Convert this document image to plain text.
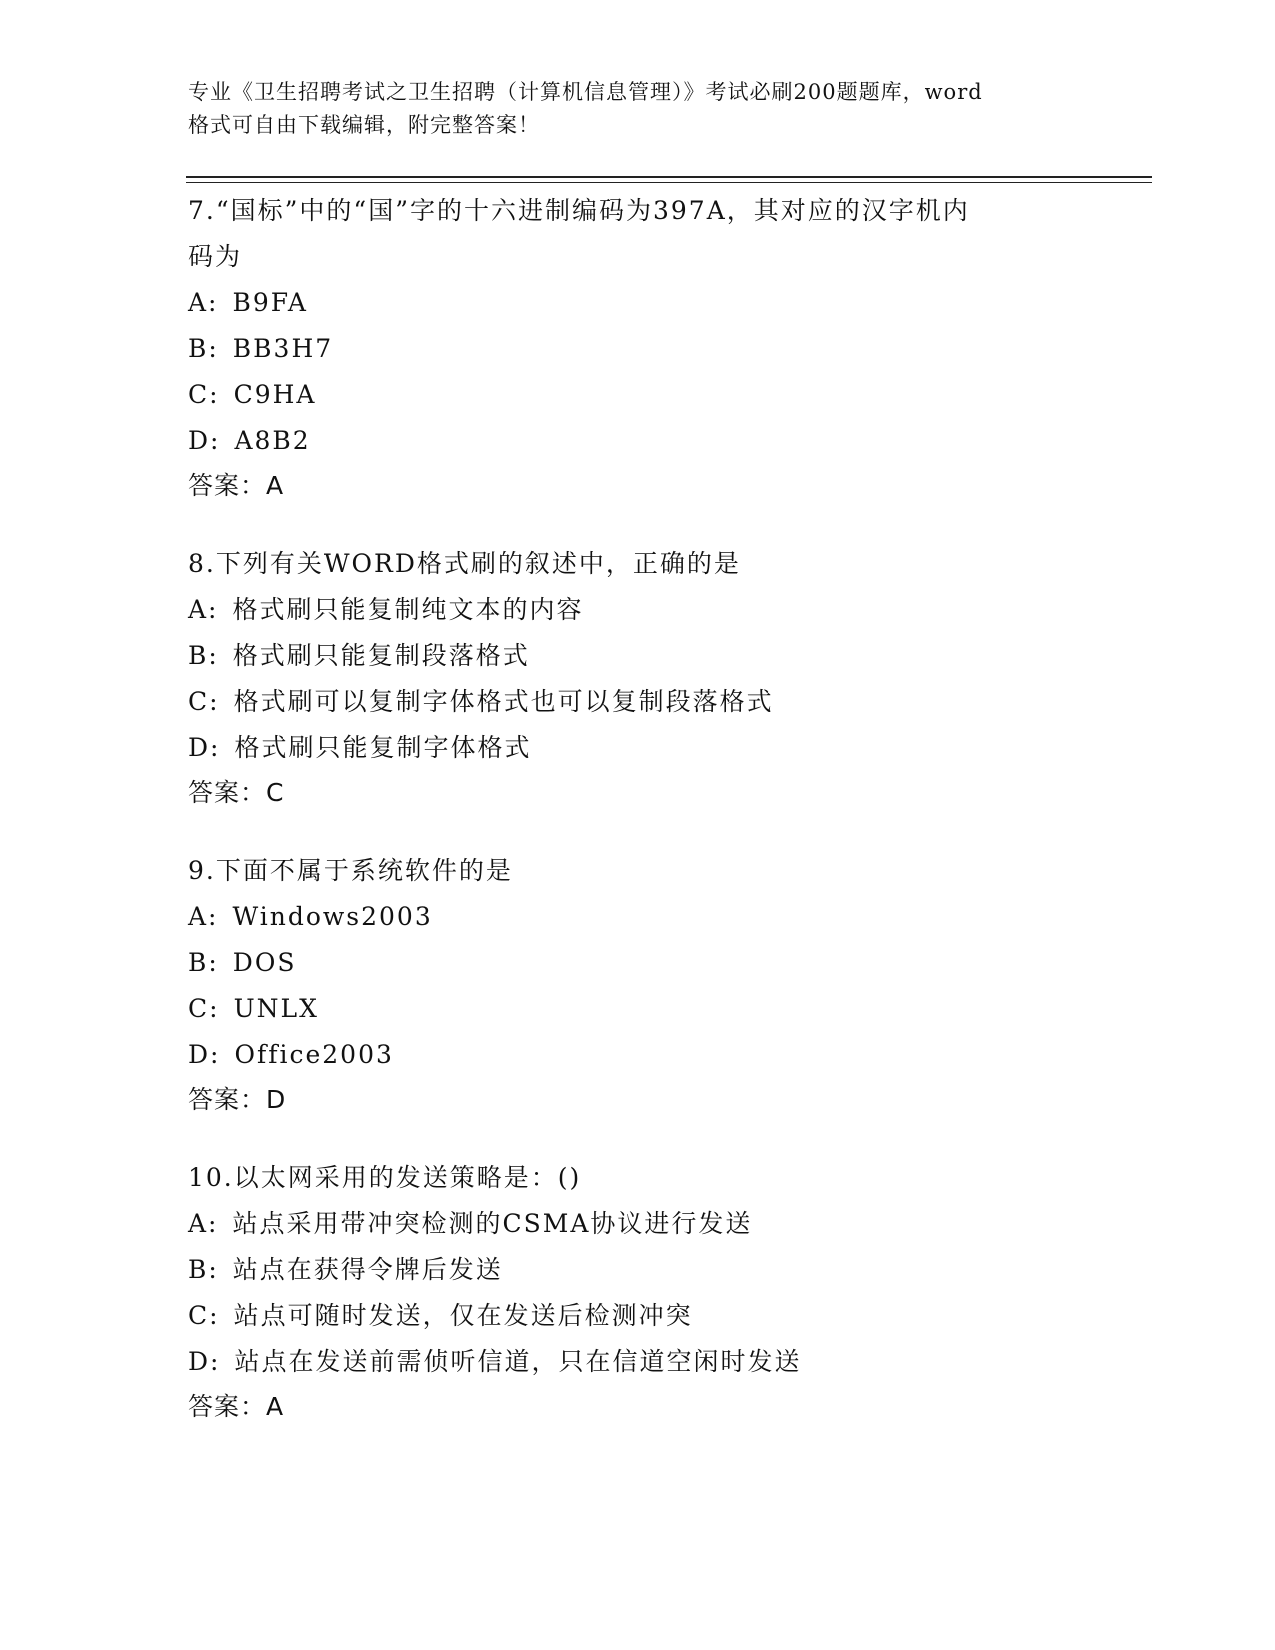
专业《卫生招聘考试之卫生招聘（计算机信息管理）》考试必刷200题题库，word
格式可自由下载编辑，附完整答案！
7.“国标”中的“国”字的十六进制编码为397A，其对应的汉字机内
码为
A: B9FA
B: BB3H7
C: C9HA
D: A8B2
答案：A
8.下列有关WORD格式刷的叙述中，正确的是
A: 格式刷只能复制纯文本的内容
B: 格式刷只能复制段落格式
C: 格式刷可以复制字体格式也可以复制段落格式
D: 格式刷只能复制字体格式
答案：C
9.下面不属于系统软件的是
A: Windows2003
B: DOS
C: UNLX
D: Office2003
答案：D
10.以太网采用的发送策略是：()
A: 站点采用带冲突检测的CSMA协议进行发送
B: 站点在获得令牌后发送
C: 站点可随时发送，仅在发送后检测冲突
D: 站点在发送前需侦听信道，只在信道空闲时发送
答案：A
